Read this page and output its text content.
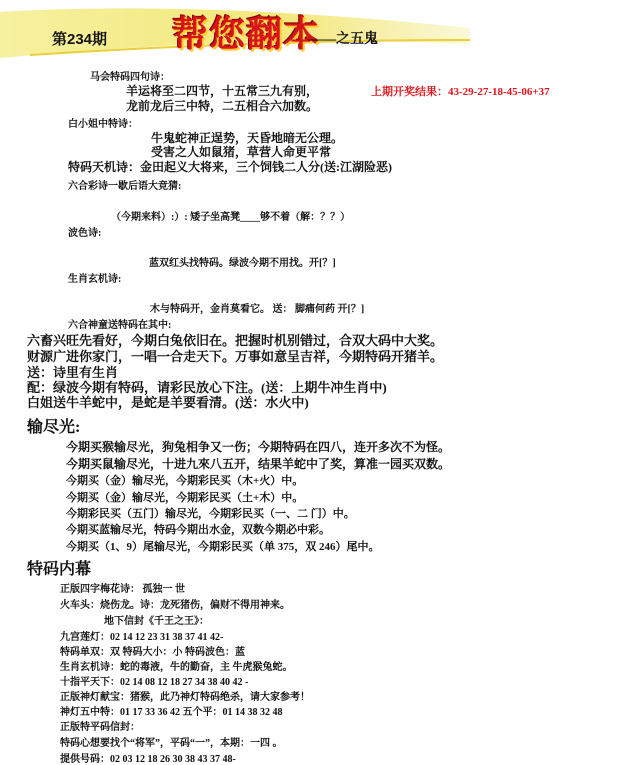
第234期 帮您翻本
——之五鬼
上期开奖结果：43-29-27-18-45-06+37
马会特码四句诗：
羊运将至二四节，十五常三九有别，
龙前龙后三中特，二五相合六加数。
白小姐中特诗：
牛鬼蛇神正逞势，天昏地暗无公理。
受害之人如鼠猪，草营人命更平常
特码天机诗：金田起义大将来，三个饲钱二人分(送:江湖险恶)
六合彩诗一歇后语大竞猜:
（今期来料）:）: 矮子坐高凳____够不着（解：？？）
波色诗:
蓝双红头找特码。绿波今期不用找。开[？]
生肖玄机诗:
木与特码开，金肖莫看它。 送： 脚痛何药 开[？]
六合神童送特码在其中:
六畜兴旺先看好，今期白兔依旧在。把握时机别错过，合双大码中大奖。
财源广进你家门，一唱一合走天下。万事如意呈吉祥，今期特码开猪羊。
送：诗里有生肖
配：绿波今期有特码，请彩民放心下注。(送：上期牛冲生肖中)
白姐送牛羊蛇中，是蛇是羊要看清。(送：水火中)
输尽光:
今期买猴输尽光，狗兔相争又一伤；今期特码在四八，连开多次不为怪。
今期买鼠输尽光，十进九來八五开，结果羊蛇中了奖，算准一园买双数。
今期买（金）输尽光，今期彩民买（木+火）中。
今期买（金）输尽光，今期彩民买（土+木）中。
今期彩民买（五门）输尽光，今期彩民买（一、二 门）中。
今期买蓝输尽光，特码今期出水金，双数今期必中彩。
今期买（1、9）尾输尽光，今期彩民买（单 375，双 246）尾中。
特码内幕
正版四字梅花诗： 孤独一 世
火车头：烧伤龙。诗：龙死猪伤，偏财不得用神来。
地下信封《千王之王》：
九宫莲灯：02 14 12 23 31 38 37 41 42-
特码单双：双 特码大小：小 特码波色：蓝
生肖玄机诗：蛇的毒液，牛的勤奋，主 牛虎猴兔蛇。
十指平天下：02 14 08 12 18 27 34 38 40 42 -
正版神灯献宝：猪猴，此乃神灯特码绝杀，请大家参考！
神灯五中特：01 17 33 36 42 五个平：01 14 38 32 48
正版特平码信封：
特码心想要找个“将军”，平码“一”，本期：一四 。
提供号码：02 03 12 18 26 30 38 43 37 48-
